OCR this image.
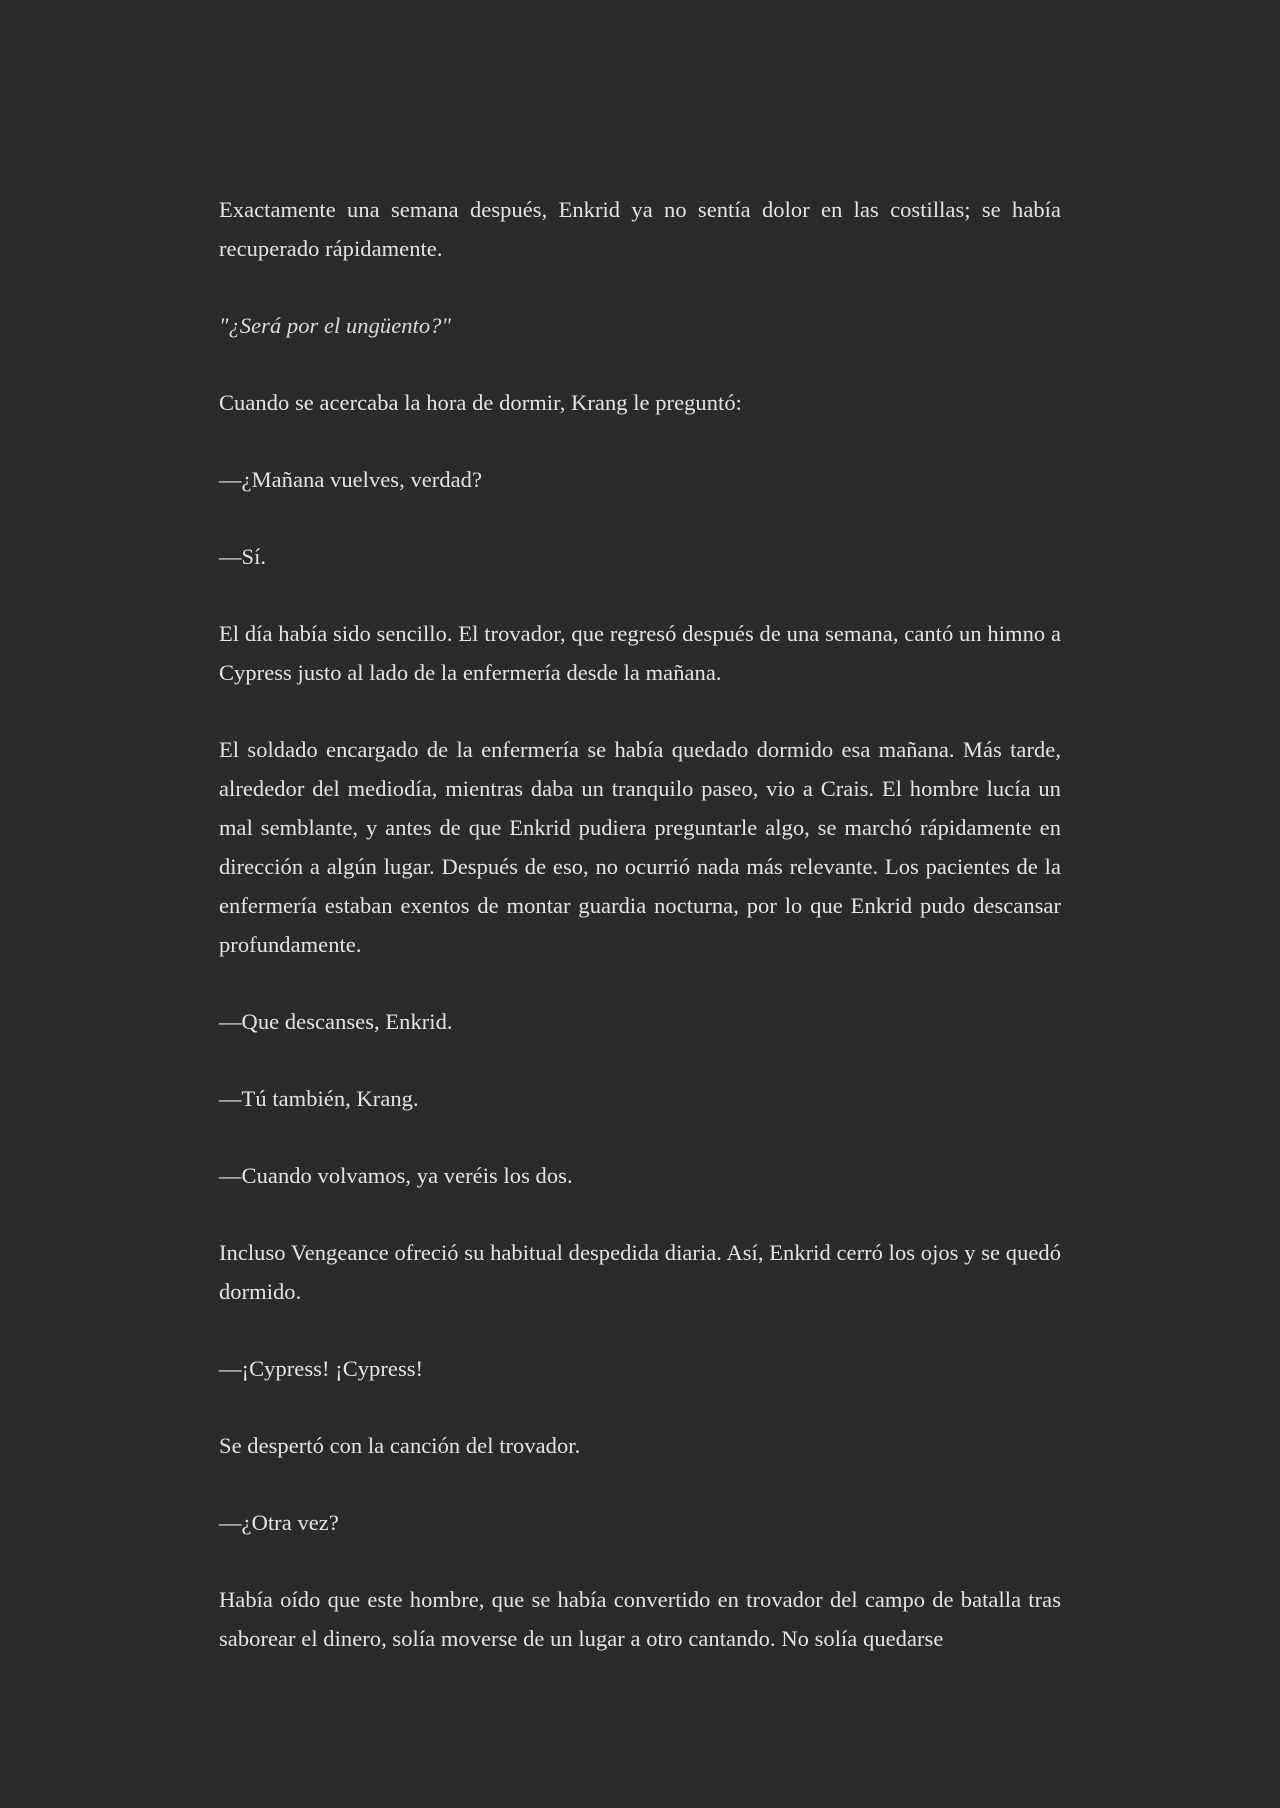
Exactamente una semana después, Enkrid ya no sentía dolor en las costillas; se había recuperado rápidamente.

"¿Será por el ungüento?"

Cuando se acercaba la hora de dormir, Krang le preguntó:

—¿Mañana vuelves, verdad?

—Sí.

El día había sido sencillo. El trovador, que regresó después de una semana, cantó un himno a Cypress justo al lado de la enfermería desde la mañana.

El soldado encargado de la enfermería se había quedado dormido esa mañana. Más tarde, alrededor del mediodía, mientras daba un tranquilo paseo, vio a Crais. El hombre lucía un mal semblante, y antes de que Enkrid pudiera preguntarle algo, se marchó rápidamente en dirección a algún lugar. Después de eso, no ocurrió nada más relevante. Los pacientes de la enfermería estaban exentos de montar guardia nocturna, por lo que Enkrid pudo descansar profundamente.

—Que descanses, Enkrid.

—Tú también, Krang.

—Cuando volvamos, ya veréis los dos.

Incluso Vengeance ofreció su habitual despedida diaria. Así, Enkrid cerró los ojos y se quedó dormido.

—¡Cypress! ¡Cypress!

Se despertó con la canción del trovador.

—¿Otra vez?

Había oído que este hombre, que se había convertido en trovador del campo de batalla tras saborear el dinero, solía moverse de un lugar a otro cantando. No solía quedarse
